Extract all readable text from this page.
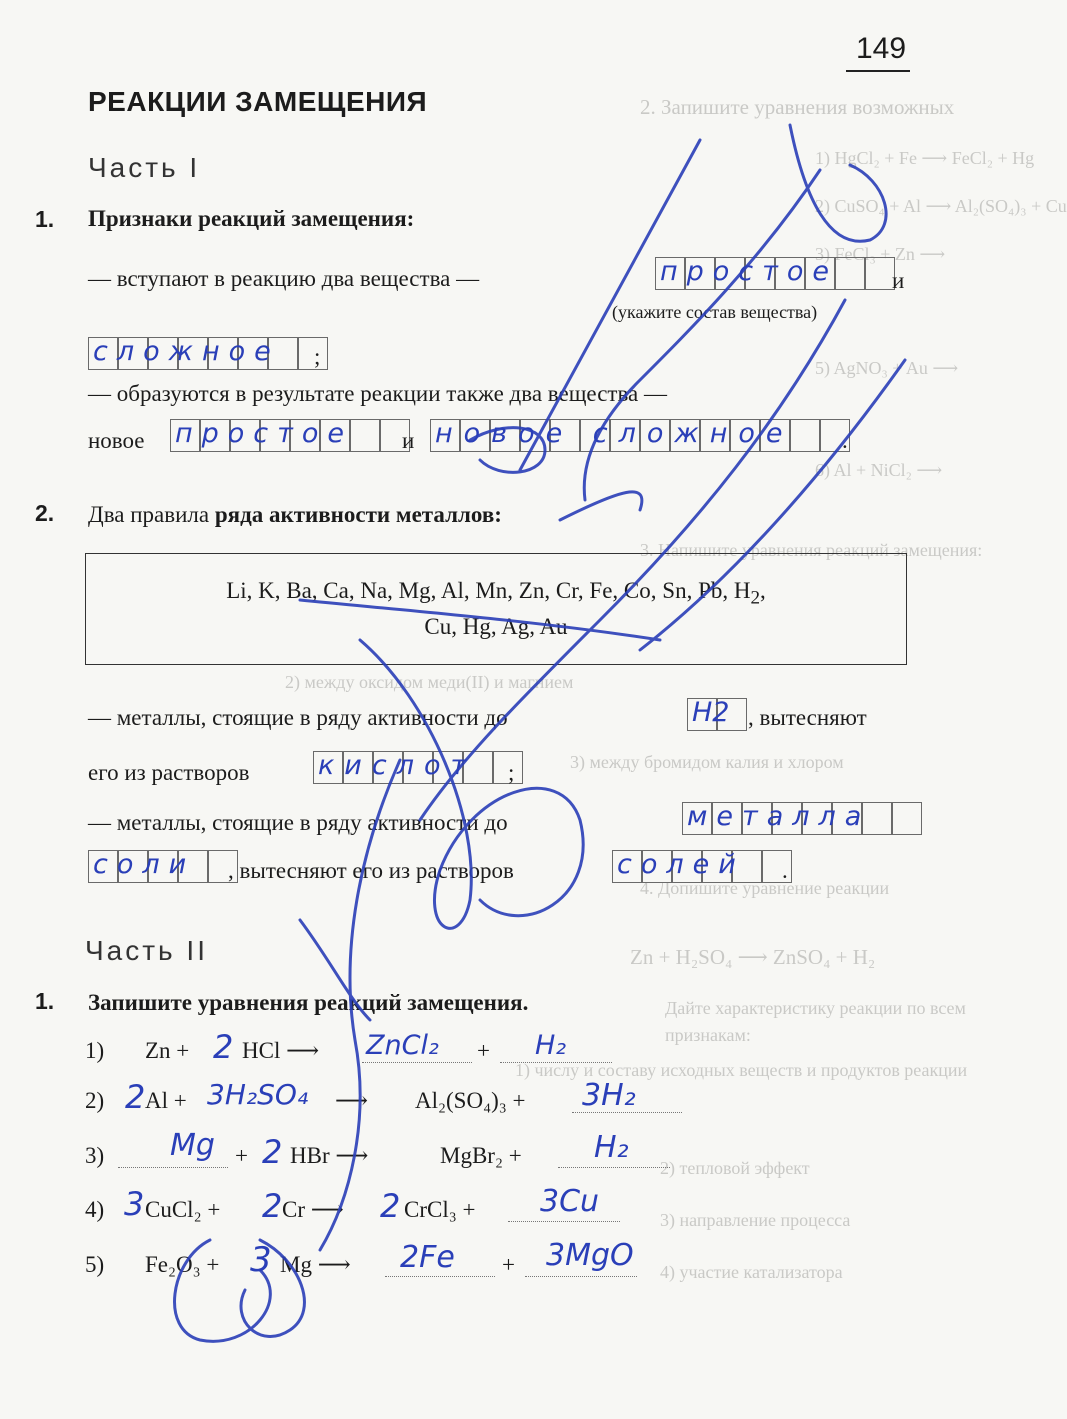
2. Запишите уравнения возможных
1) HgCl₂ + Fe ⟶ FeCl₂ + Hg
2) CuSO₄ + Al ⟶ Al₂(SO₄)₃ + Cu
3) FeCl₃ + Zn ⟶
5) AgNO₃ + Au ⟶
6) Al + NiCl₂ ⟶
3. Напишите уравнения реакций замещения:
2) между оксидом меди(II) и магнием
3) между бромидом калия и хлором
4. Допишите уравнение реакции
Zn + H₂SO₄ ⟶ ZnSO₄ + H₂
Дайте характеристику реакции по всем
признакам:
1) числу и составу исходных веществ и продуктов реакции
2) тепловой эффект
3) направление процесса
4) участие катализатора
149
РЕАКЦИИ ЗАМЕЩЕНИЯ
Часть I
1. Признаки реакций замещения:
— вступают в реакцию два вещества —	простое и
(укажите состав вещества)
сложное ;
— образуются в результате реакции также два вещества —
новое простое и новое сложное .
2. Два правила ряда активности металлов:
Li, K, Ba, Ca, Na, Mg, Al, Mn, Zn, Cr, Fe, Co, Sn, Pb, $H_2$,
Cu, Hg, Ag, Au
— металлы, стоящие в ряду активности до	H2 , вытесняют
его из растворов	кислот ;
— металлы, стоящие в ряду активности до	металла
соли , вытесняют его из растворов	солей .
Часть II
1. Запишите уравнения реакций замещения.
1) Zn + 2 HCl ⟶ ZnCl₂ + H₂
2) 2 Al + 3H₂SO₄ ⟶ Al₂(SO₄)₃ + 3H₂
3) Mg + 2 HBr ⟶	MgBr₂ + H₂
4) 3 CuCl₂ + 2 Cr ⟶ 2 CrCl₃ + 3Cu
5) Fe₂O₃ + 3 Mg ⟶ 2Fe + 3MgO
